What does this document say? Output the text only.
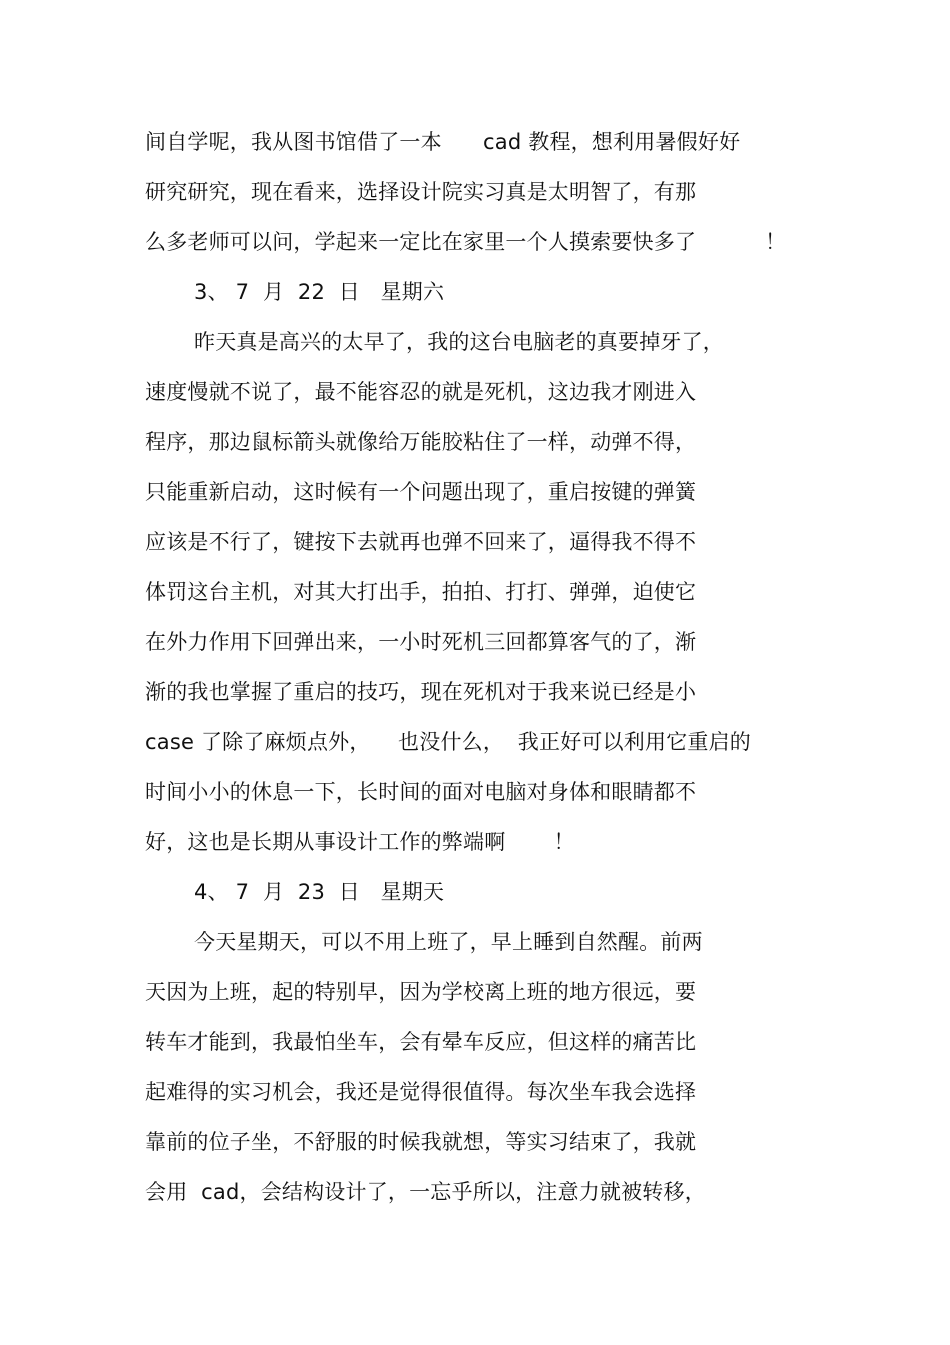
间自学呢，我从图书馆借了一本      cad 教程，想利用暑假好好
研究研究，现在看来，选择设计院实习真是太明智了，有那
么多老师可以问，学起来一定比在家里一个人摸索要快多了          ！
3、 7  月  22  日   星期六
昨天真是高兴的太早了，我的这台电脑老的真要掉牙了，
速度慢就不说了，最不能容忍的就是死机，这边我才刚进入
程序，那边鼠标箭头就像给万能胶粘住了一样，动弹不得，
只能重新启动，这时候有一个问题出现了，重启按键的弹簧
应该是不行了，键按下去就再也弹不回来了，逼得我不得不
体罚这台主机，对其大打出手，拍拍、打打、弹弹，迫使它
在外力作用下回弹出来，一小时死机三回都算客气的了，渐
渐的我也掌握了重启的技巧，现在死机对于我来说已经是小
case 了除了麻烦点外，    也没什么，  我正好可以利用它重启的
时间小小的休息一下，长时间的面对电脑对身体和眼睛都不
好，这也是长期从事设计工作的弊端啊       ！
4、 7  月  23  日   星期天
今天星期天，可以不用上班了，早上睡到自然醒。前两
天因为上班，起的特别早，因为学校离上班的地方很远，要
转车才能到，我最怕坐车，会有晕车反应，但这样的痛苦比
起难得的实习机会，我还是觉得很值得。每次坐车我会选择
靠前的位子坐，不舒服的时候我就想，等实习结束了，我就
会用  cad，会结构设计了，一忘乎所以，注意力就被转移，
